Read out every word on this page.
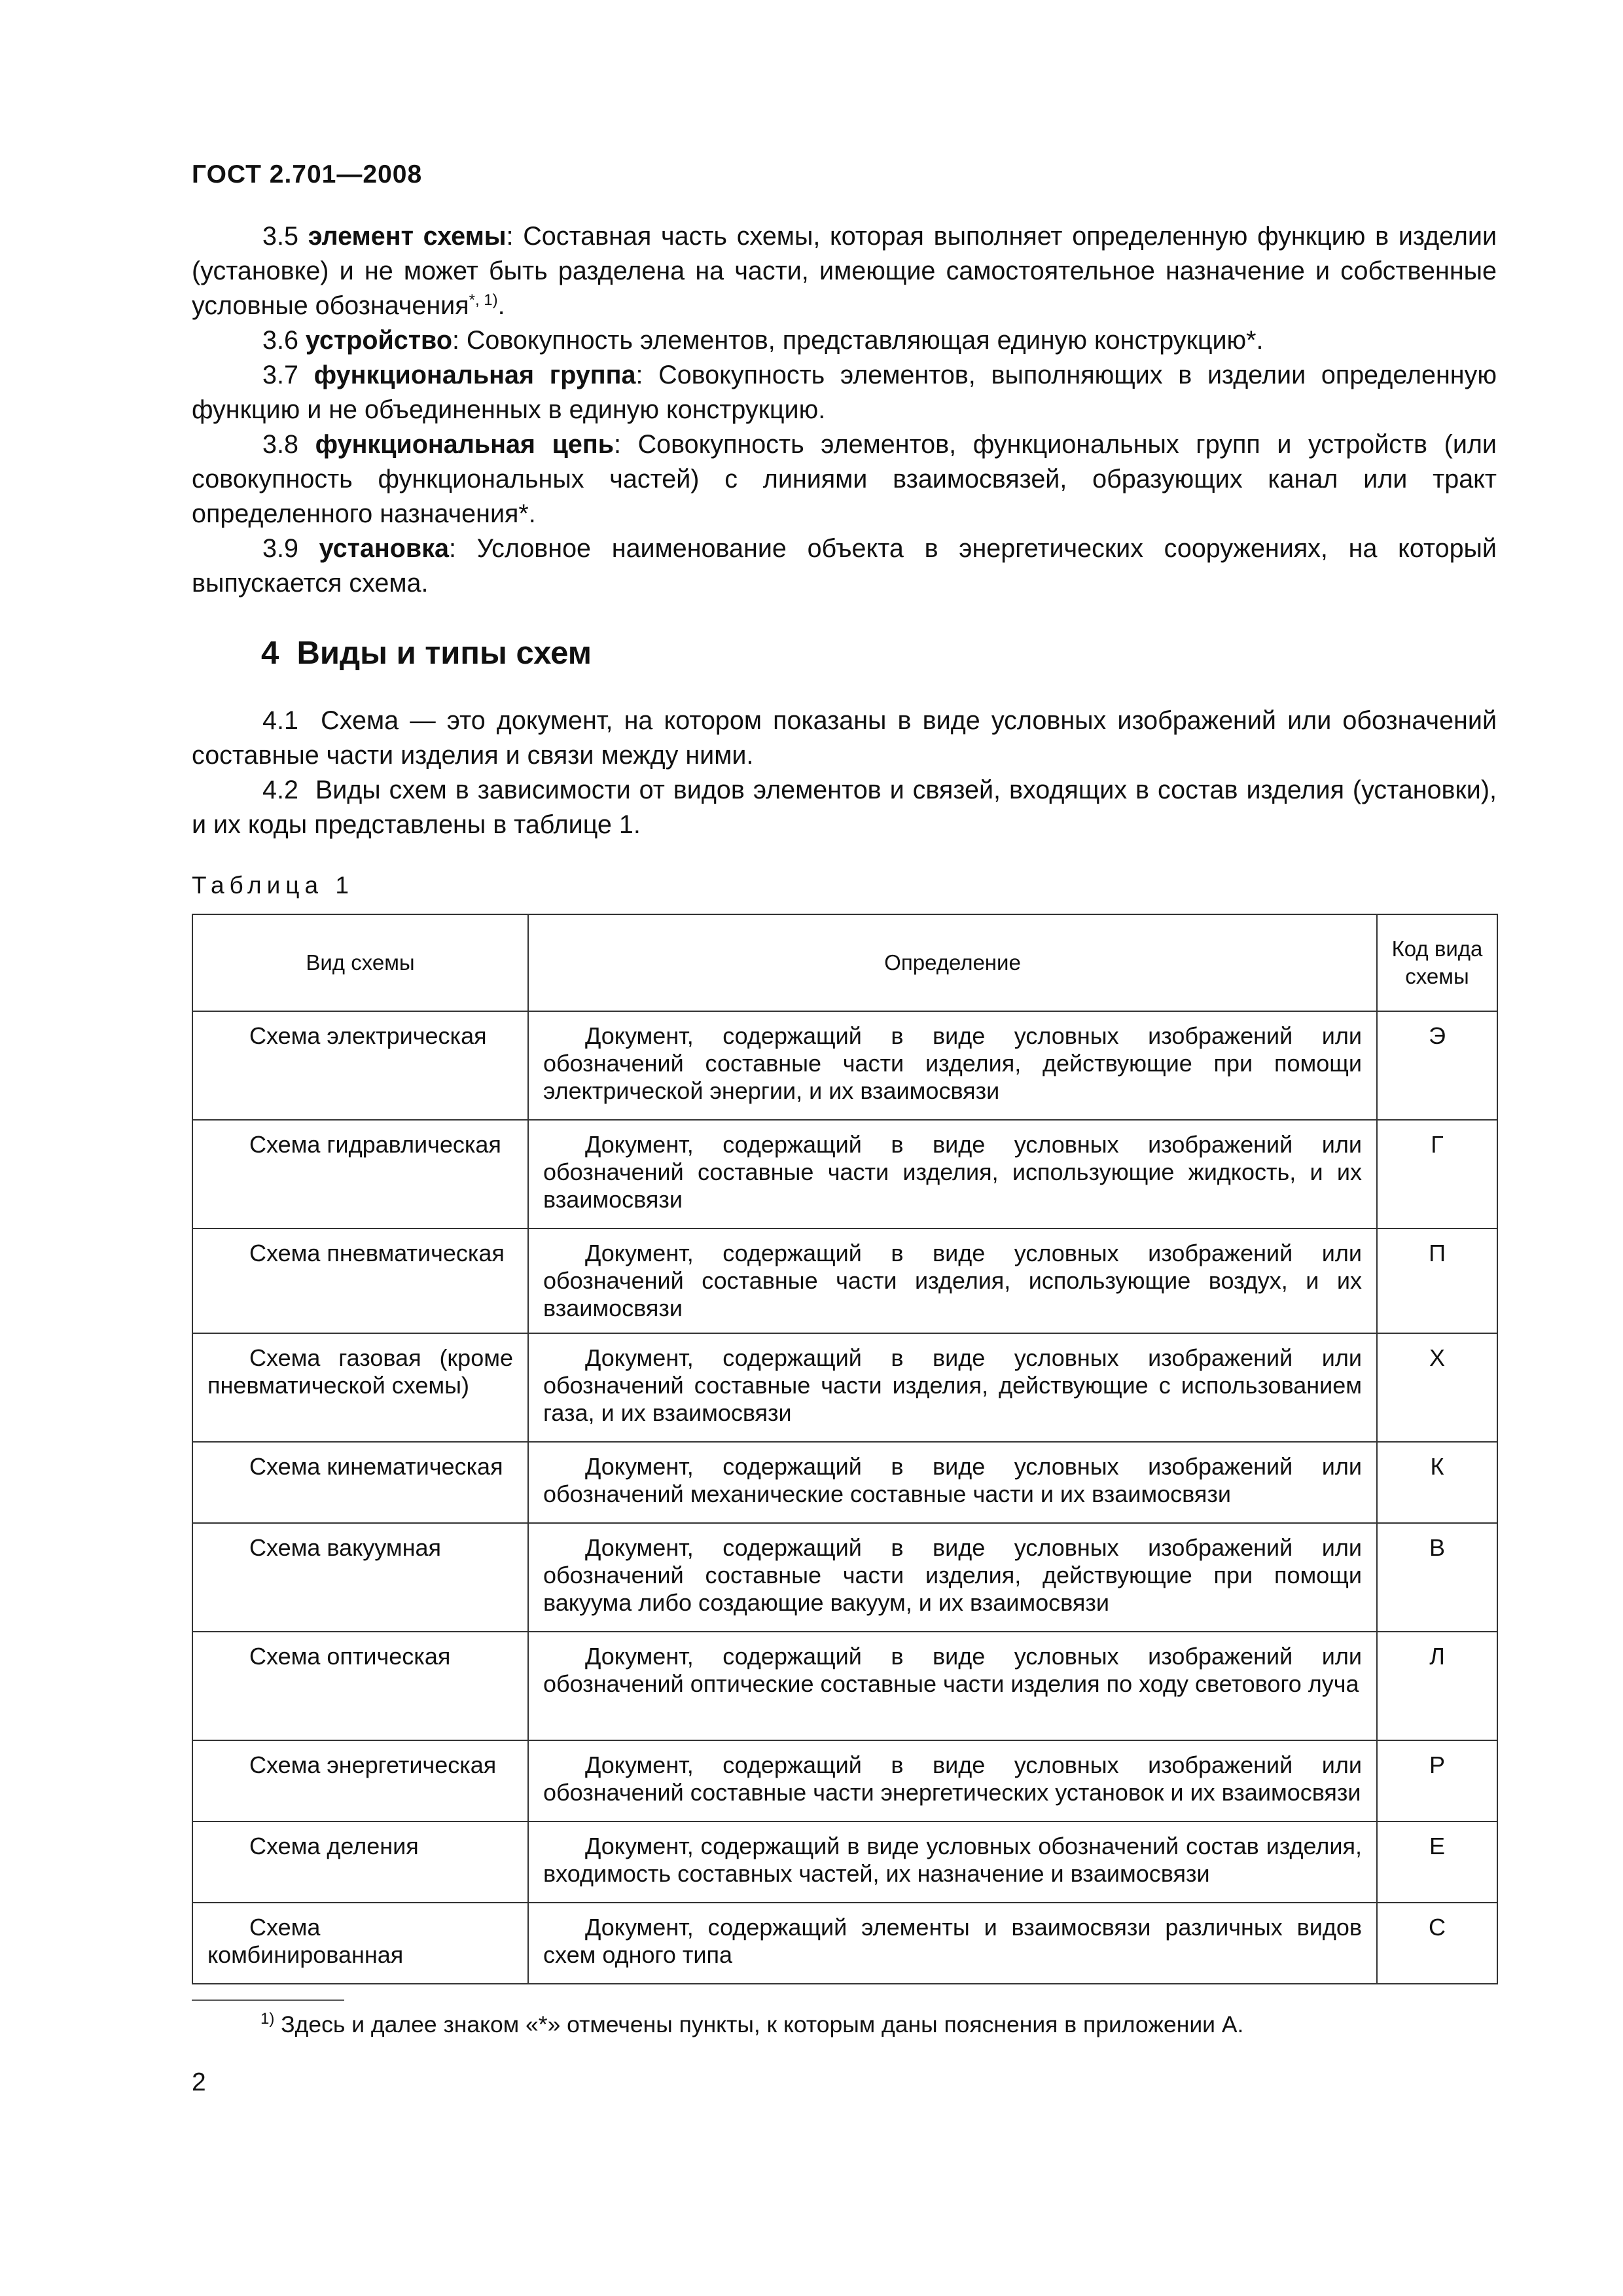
ГОСТ 2.701—2008

3.5 элемент схемы: Составная часть схемы, которая выполняет определенную функцию в изделии (установке) и не может быть разделена на части, имеющие самостоятельное назначение и собственные условные обозначения$^{*, 1)}$.

3.6 устройство: Совокупность элементов, представляющая единую конструкцию*.

3.7 функциональная группа: Совокупность элементов, выполняющих в изделии определенную функцию и не объединенных в единую конструкцию.

3.8 функциональная цепь: Совокупность элементов, функциональных групп и устройств (или совокупность функциональных частей) с линиями взаимосвязей, образующих канал или тракт определенного назначения*.

3.9 установка: Условное наименование объекта в энергетических сооружениях, на который выпускается схема.

4 Виды и типы схем

4.1 Схема — это документ, на котором показаны в виде условных изображений или обозначений составные части изделия и связи между ними.

4.2 Виды схем в зависимости от видов элементов и связей, входящих в состав изделия (установки), и их коды представлены в таблице 1.

Таблица 1
Вид схемы	Определение	Код вида схемы

Схема электрическая	Документ, содержащий в виде условных изображений или обозначений составные части изделия, действующие при помощи электрической энергии, и их взаимосвязи	Э

Схема гидравлическая	Документ, содержащий в виде условных изображений или обозначений составные части изделия, использующие жидкость, и их взаимосвязи	Г

Схема пневматическая	Документ, содержащий в виде условных изображений или обозначений составные части изделия, использующие воздух, и их взаимосвязи	П

Схема газовая (кроме пневматической схемы)	Документ, содержащий в виде условных изображений или обозначений составные части изделия, действующие с использованием газа, и их взаимосвязи	Х

Схема кинематическая	Документ, содержащий в виде условных изображений или обозначений механические составные части и их взаимосвязи	К

Схема вакуумная	Документ, содержащий в виде условных изображений или обозначений составные части изделия, действующие при помощи вакуума либо создающие вакуум, и их взаимосвязи	В

Схема оптическая	Документ, содержащий в виде условных изображений или обозначений оптические составные части изделия по ходу светового луча	Л

Схема энергетическая	Документ, содержащий в виде условных изображений или обозначений составные части энергетических установок и их взаимосвязи	Р

Схема деления	Документ, содержащий в виде условных обозначений состав изделия, входимость составных частей, их назначение и взаимосвязи	Е

Схема комбинированная	Документ, содержащий элементы и взаимосвязи различных видов схем одного типа	С
$^{1)}$ Здесь и далее знаком «*» отмечены пункты, к которым даны пояснения в приложении А.
2
